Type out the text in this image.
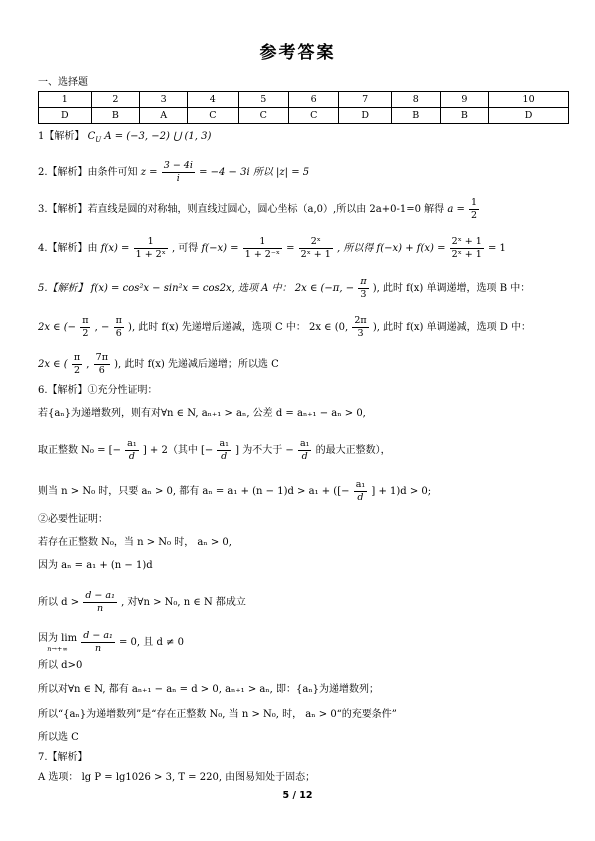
参考答案
一、选择题
1	2	3	4	5	6	7	8	9	10
D	B	A	C	C	C	D	B	B	D
1【解析】 $C_U$ A = (−3, −2) ⋃ (1, 3)
2.【解析】由条件可知 $z = \frac{3 - 4i}{i} = -4 - 3i$ 所以 |z| = 5
3.【解析】若直线是圆的对称轴，则直线过圆心，圆心坐标（a,0）,所以由 2a+0-1=0 解得 $a = \frac{1}{2}$
4.【解析】由 $f(x) = \frac{1}{\text{1 + 2ˣ}}$ , 可得 $f(-x) = \frac{1}{\text{1 + 2⁻ˣ}} = \frac{\text{2ˣ}}{\text{2ˣ + 1}}$ , 所以得 $f(-x) + f(x) = \frac{\text{2ˣ + 1}}{\text{2ˣ + 1}} = 1$
5.【解析】 f(x) = cos²x − sin²x = cos2x, 选项 A 中： 2x ∈ (−π, − $\frac{\pi}{3}$ ), 此时 f(x) 单调递增，选项 B 中：
2x ∈ (− $\frac{\pi}{2}$ , − $\frac{\pi}{6}$ ), 此时 f(x) 先递增后递减，选项 C 中： 2x ∈ (0, $\frac{2\pi}{3}$ ), 此时 f(x) 单调递减，选项 D 中：
2x ∈ ( $\frac{\pi}{2}$ , $\frac{7\pi}{6}$ ), 此时 f(x) 先递减后递增；所以选 C
6.【解析】①充分性证明：
若{aₙ}为递增数列，则有对∀n ∈ N, aₙ₊₁ > aₙ, 公差 d = aₙ₊₁ − aₙ > 0,
取正整数 N₀ = [− $\frac{\text{a₁}}{d}$ ] + 2（其中 [− $\frac{\text{a₁}}{d}$ ] 为不大于 − $\frac{\text{a₁}}{d}$ 的最大正整数），
则当 n > N₀ 时，只要 aₙ > 0, 都有 aₙ = a₁ + (n − 1)d > a₁ + ([− $\frac{\text{a₁}}{d}$ ] + 1)d > 0;
②必要性证明：
若存在正整数 N₀，当 n > N₀ 时， aₙ > 0,
因为 aₙ = a₁ + (n − 1)d
所以 $d > \frac{\text{d − a₁}}{n}$ , 对∀n > N₀, n ∈ N 都成立
因为 lim
n→+∞
	$\frac{\text{d − a₁}}{n} = 0$, 且 d ≠ 0
所以 d>0
所以对∀n ∈ N, 都有 aₙ₊₁ − aₙ = d > 0, aₙ₊₁ > aₙ, 即：{aₙ}为递增数列；
所以“{aₙ}为递增数列”是“存在正整数 N₀, 当 n > N₀, 时， aₙ > 0“的充要条件”
所以选 C
7.【解析】
A 选项： lg P = lg1026 > 3, T = 220, 由图易知处于固态；
5 / 12
